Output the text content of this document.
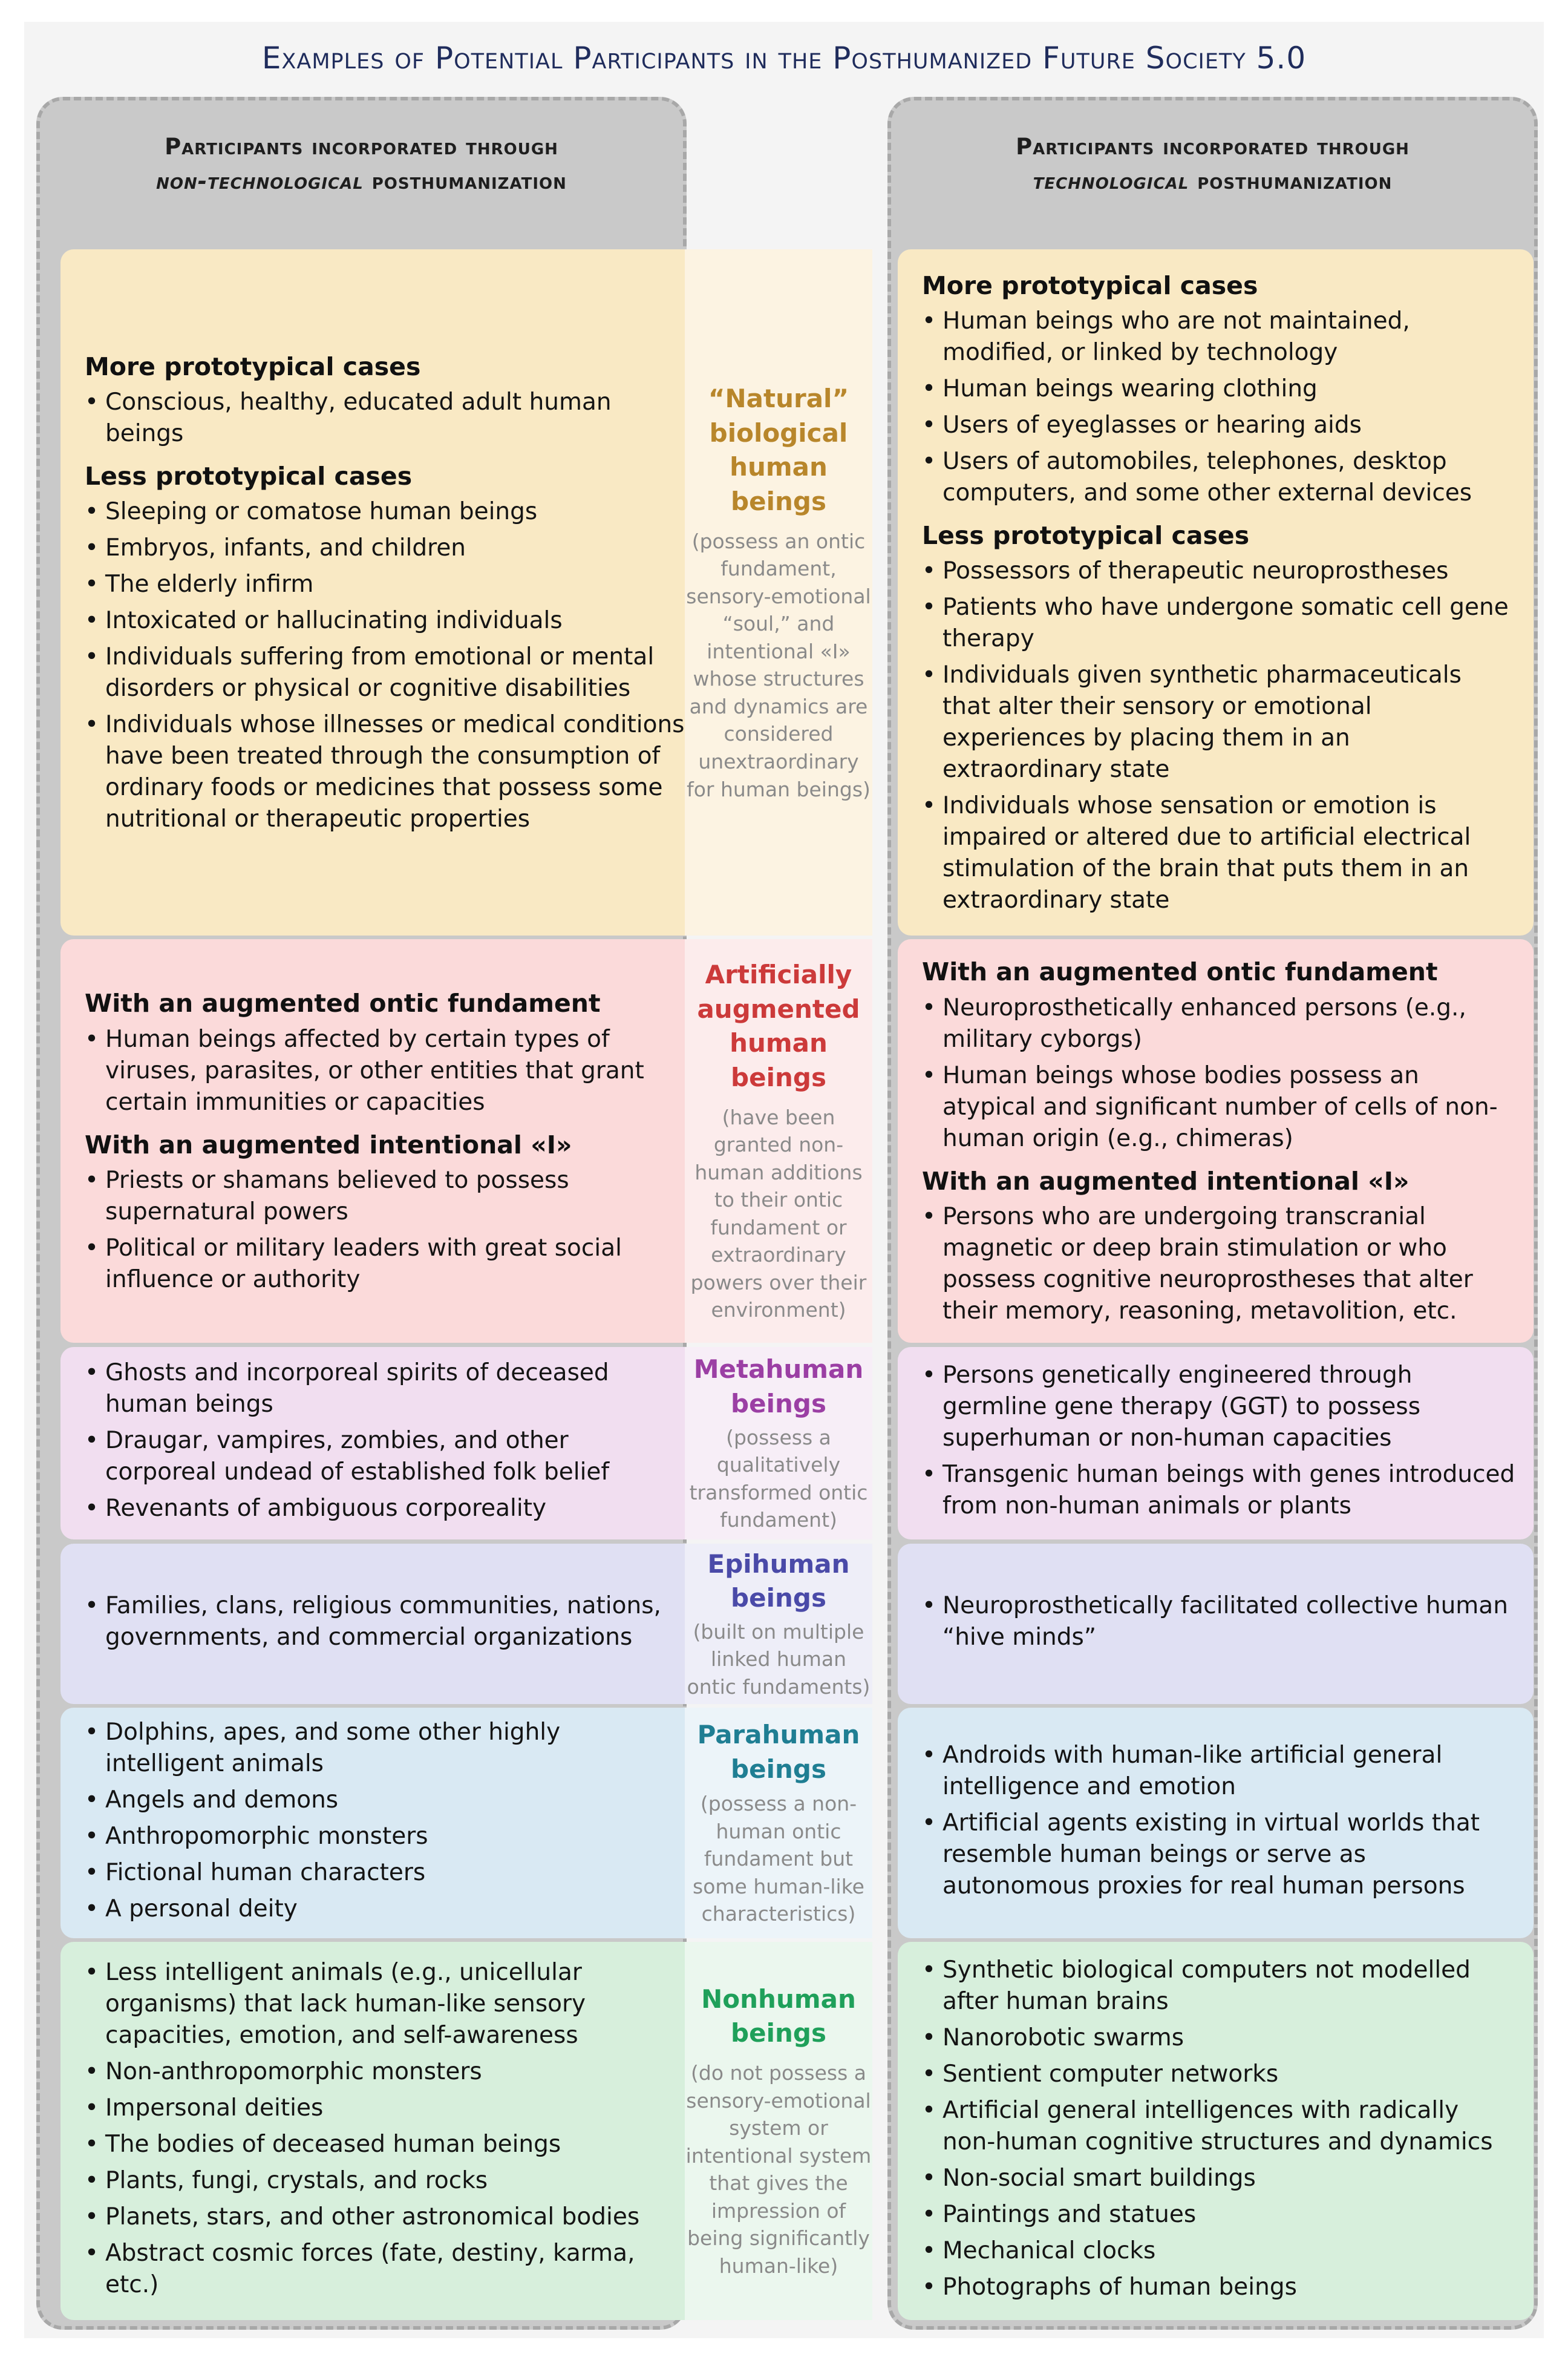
Examples of Potential Participants in the Posthumanized Future Society 5.0
Participants incorporated through
non-technological posthumanization
Participants incorporated through
technological posthumanization
More prototypical cases
• Conscious, healthy, educated adult human beings
Less prototypical cases
• Sleeping or comatose human beings
• Embryos, infants, and children
• The elderly infirm
• Intoxicated or hallucinating individuals
• Individuals suffering from emotional or mental disorders or physical or cognitive disabilities
• Individuals whose illnesses or medical conditions have been treated through the consumption of ordinary foods or medicines that possess some nutritional or therapeutic properties
“Natural” biological human beings
(possess an ontic fundament, sensory-emotional “soul,” and intentional «I» whose structures and dynamics are considered unextraordinary for human beings)
More prototypical cases
• Human beings who are not maintained, modified, or linked by technology
• Human beings wearing clothing
• Users of eyeglasses or hearing aids
• Users of automobiles, telephones, desktop computers, and some other external devices
Less prototypical cases
• Possessors of therapeutic neuroprostheses
• Patients who have undergone somatic cell gene therapy
• Individuals given synthetic pharmaceuticals that alter their sensory or emotional experiences by placing them in an extraordinary state
• Individuals whose sensation or emotion is impaired or altered due to artificial electrical stimulation of the brain that puts them in an extraordinary state
With an augmented ontic fundament
• Human beings affected by certain types of viruses, parasites, or other entities that grant certain immunities or capacities
With an augmented intentional «I»
• Priests or shamans believed to possess supernatural powers
• Political or military leaders with great social influence or authority
Artificially augmented human beings
(have been granted non-human additions to their ontic fundament or extraordinary powers over their environment)
With an augmented ontic fundament
• Neuroprosthetically enhanced persons (e.g., military cyborgs)
• Human beings whose bodies possess an atypical and significant number of cells of non-human origin (e.g., chimeras)
With an augmented intentional «I»
• Persons who are undergoing transcranial magnetic or deep brain stimulation or who possess cognitive neuroprostheses that alter their memory, reasoning, metavolition, etc.
• Ghosts and incorporeal spirits of deceased human beings
• Draugar, vampires, zombies, and other corporeal undead of established folk belief
• Revenants of ambiguous corporeality
Metahuman beings
(possess a qualitatively transformed ontic fundament)
• Persons genetically engineered through germline gene therapy (GGT) to possess superhuman or non-human capacities
• Transgenic human beings with genes introduced from non-human animals or plants
• Families, clans, religious communities, nations, governments, and commercial organizations
Epihuman beings
(built on multiple linked human ontic fundaments)
• Neuroprosthetically facilitated collective human “hive minds”
• Dolphins, apes, and some other highly intelligent animals
• Angels and demons
• Anthropomorphic monsters
• Fictional human characters
• A personal deity
Parahuman beings
(possess a non-human ontic fundament but some human-like characteristics)
• Androids with human-like artificial general intelligence and emotion
• Artificial agents existing in virtual worlds that resemble human beings or serve as autonomous proxies for real human persons
• Less intelligent animals (e.g., unicellular organisms) that lack human-like sensory capacities, emotion, and self-awareness
• Non-anthropomorphic monsters
• Impersonal deities
• The bodies of deceased human beings
• Plants, fungi, crystals, and rocks
• Planets, stars, and other astronomical bodies
• Abstract cosmic forces (fate, destiny, karma, etc.)
Nonhuman beings
(do not possess a sensory-emotional system or intentional system that gives the impression of being significantly human-like)
• Synthetic biological computers not modelled after human brains
• Nanorobotic swarms
• Sentient computer networks
• Artificial general intelligences with radically non-human cognitive structures and dynamics
• Non-social smart buildings
• Paintings and statues
• Mechanical clocks
• Photographs of human beings
